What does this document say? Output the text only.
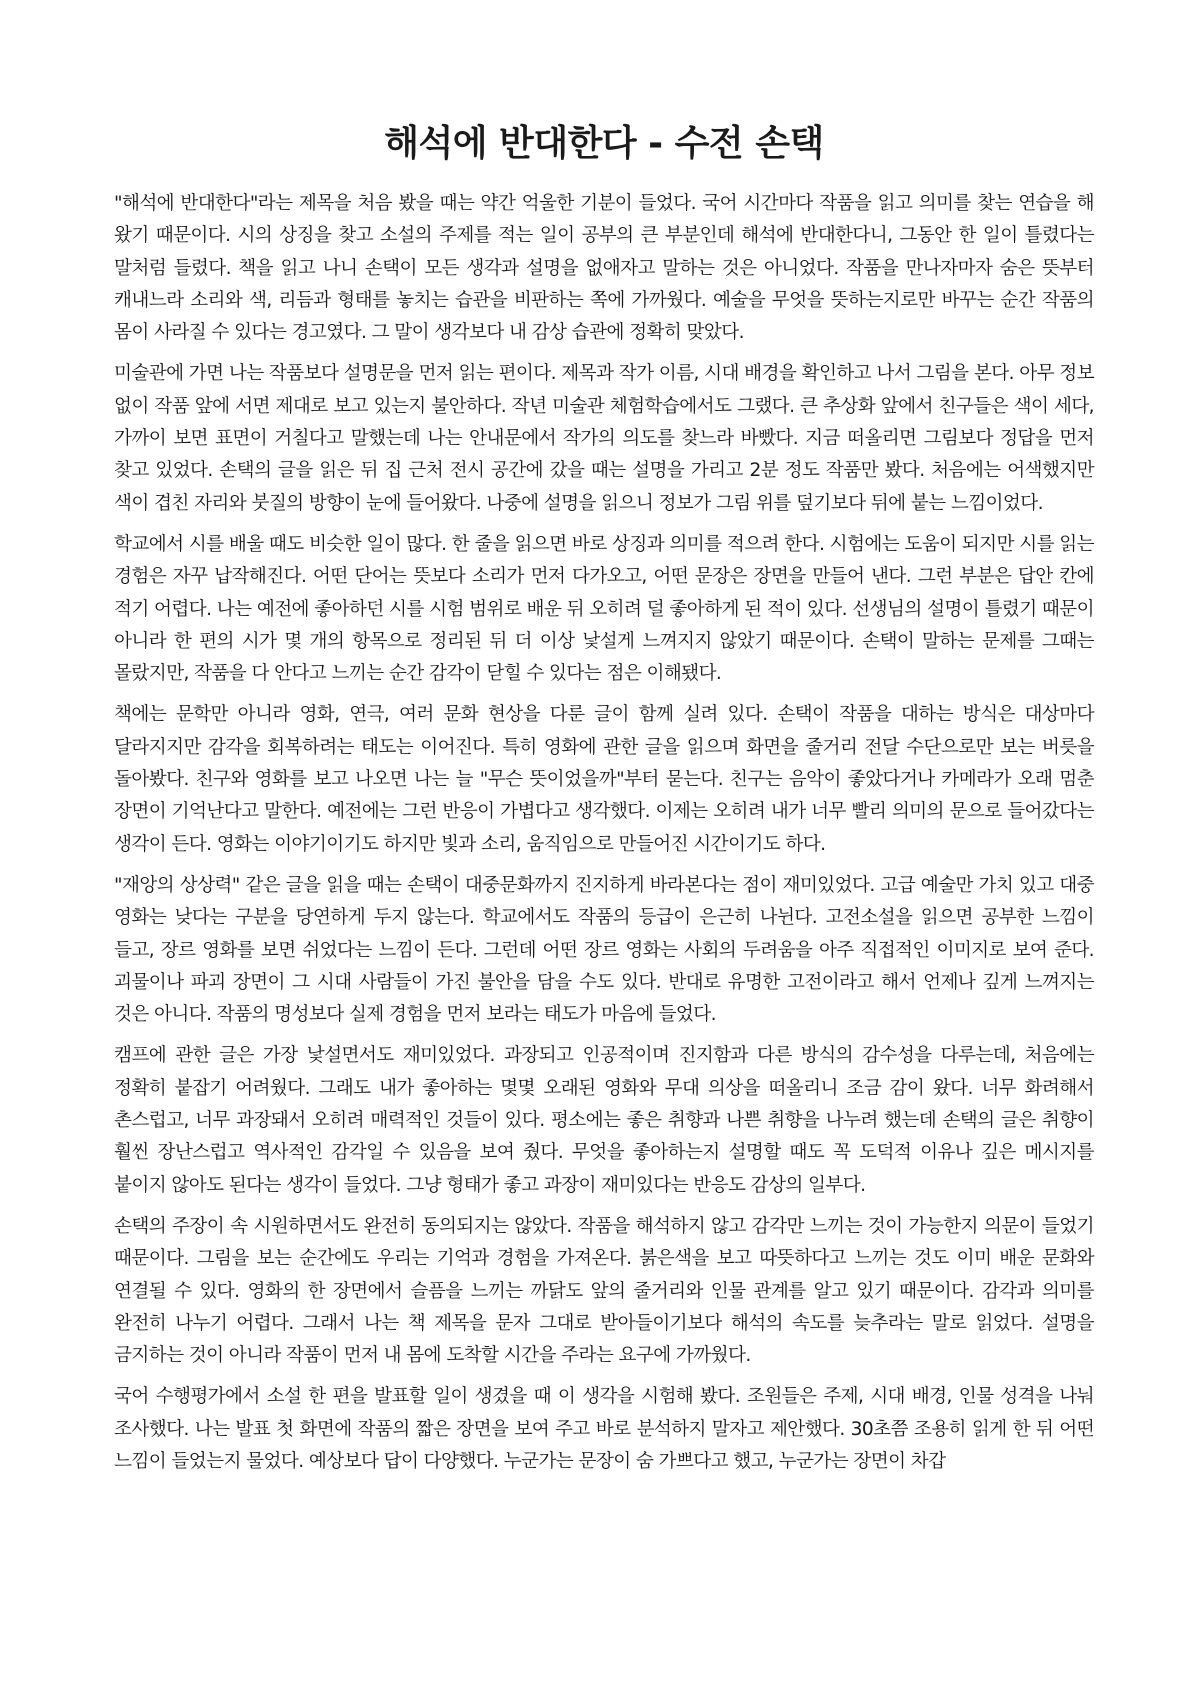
해석에 반대한다 - 수전 손택

"해석에 반대한다"라는 제목을 처음 봤을 때는 약간 억울한 기분이 들었다. 국어 시간마다 작품을 읽고 의미를 찾는 연습을 해 왔기 때문이다. 시의 상징을 찾고 소설의 주제를 적는 일이 공부의 큰 부분인데 해석에 반대한다니, 그동안 한 일이 틀렸다는 말처럼 들렸다. 책을 읽고 나니 손택이 모든 생각과 설명을 없애자고 말하는 것은 아니었다. 작품을 만나자마자 숨은 뜻부터 캐내느라 소리와 색, 리듬과 형태를 놓치는 습관을 비판하는 쪽에 가까웠다. 예술을 무엇을 뜻하는지로만 바꾸는 순간 작품의 몸이 사라질 수 있다는 경고였다. 그 말이 생각보다 내 감상 습관에 정확히 맞았다.

미술관에 가면 나는 작품보다 설명문을 먼저 읽는 편이다. 제목과 작가 이름, 시대 배경을 확인하고 나서 그림을 본다. 아무 정보 없이 작품 앞에 서면 제대로 보고 있는지 불안하다. 작년 미술관 체험학습에서도 그랬다. 큰 추상화 앞에서 친구들은 색이 세다, 가까이 보면 표면이 거칠다고 말했는데 나는 안내문에서 작가의 의도를 찾느라 바빴다. 지금 떠올리면 그림보다 정답을 먼저 찾고 있었다. 손택의 글을 읽은 뒤 집 근처 전시 공간에 갔을 때는 설명을 가리고 2분 정도 작품만 봤다. 처음에는 어색했지만 색이 겹친 자리와 붓질의 방향이 눈에 들어왔다. 나중에 설명을 읽으니 정보가 그림 위를 덮기보다 뒤에 붙는 느낌이었다.

학교에서 시를 배울 때도 비슷한 일이 많다. 한 줄을 읽으면 바로 상징과 의미를 적으려 한다. 시험에는 도움이 되지만 시를 읽는 경험은 자꾸 납작해진다. 어떤 단어는 뜻보다 소리가 먼저 다가오고, 어떤 문장은 장면을 만들어 낸다. 그런 부분은 답안 칸에 적기 어렵다. 나는 예전에 좋아하던 시를 시험 범위로 배운 뒤 오히려 덜 좋아하게 된 적이 있다. 선생님의 설명이 틀렸기 때문이 아니라 한 편의 시가 몇 개의 항목으로 정리된 뒤 더 이상 낯설게 느껴지지 않았기 때문이다. 손택이 말하는 문제를 그때는 몰랐지만, 작품을 다 안다고 느끼는 순간 감각이 닫힐 수 있다는 점은 이해됐다.

책에는 문학만 아니라 영화, 연극, 여러 문화 현상을 다룬 글이 함께 실려 있다. 손택이 작품을 대하는 방식은 대상마다 달라지지만 감각을 회복하려는 태도는 이어진다. 특히 영화에 관한 글을 읽으며 화면을 줄거리 전달 수단으로만 보는 버릇을 돌아봤다. 친구와 영화를 보고 나오면 나는 늘 "무슨 뜻이었을까"부터 묻는다. 친구는 음악이 좋았다거나 카메라가 오래 멈춘 장면이 기억난다고 말한다. 예전에는 그런 반응이 가볍다고 생각했다. 이제는 오히려 내가 너무 빨리 의미의 문으로 들어갔다는 생각이 든다. 영화는 이야기이기도 하지만 빛과 소리, 움직임으로 만들어진 시간이기도 하다.

"재앙의 상상력" 같은 글을 읽을 때는 손택이 대중문화까지 진지하게 바라본다는 점이 재미있었다. 고급 예술만 가치 있고 대중 영화는 낮다는 구분을 당연하게 두지 않는다. 학교에서도 작품의 등급이 은근히 나뉜다. 고전소설을 읽으면 공부한 느낌이 들고, 장르 영화를 보면 쉬었다는 느낌이 든다. 그런데 어떤 장르 영화는 사회의 두려움을 아주 직접적인 이미지로 보여 준다. 괴물이나 파괴 장면이 그 시대 사람들이 가진 불안을 담을 수도 있다. 반대로 유명한 고전이라고 해서 언제나 깊게 느껴지는 것은 아니다. 작품의 명성보다 실제 경험을 먼저 보라는 태도가 마음에 들었다.

캠프에 관한 글은 가장 낯설면서도 재미있었다. 과장되고 인공적이며 진지함과 다른 방식의 감수성을 다루는데, 처음에는 정확히 붙잡기 어려웠다. 그래도 내가 좋아하는 몇몇 오래된 영화와 무대 의상을 떠올리니 조금 감이 왔다. 너무 화려해서 촌스럽고, 너무 과장돼서 오히려 매력적인 것들이 있다. 평소에는 좋은 취향과 나쁜 취향을 나누려 했는데 손택의 글은 취향이 훨씬 장난스럽고 역사적인 감각일 수 있음을 보여 줬다. 무엇을 좋아하는지 설명할 때도 꼭 도덕적 이유나 깊은 메시지를 붙이지 않아도 된다는 생각이 들었다. 그냥 형태가 좋고 과장이 재미있다는 반응도 감상의 일부다.

손택의 주장이 속 시원하면서도 완전히 동의되지는 않았다. 작품을 해석하지 않고 감각만 느끼는 것이 가능한지 의문이 들었기 때문이다. 그림을 보는 순간에도 우리는 기억과 경험을 가져온다. 붉은색을 보고 따뜻하다고 느끼는 것도 이미 배운 문화와 연결될 수 있다. 영화의 한 장면에서 슬픔을 느끼는 까닭도 앞의 줄거리와 인물 관계를 알고 있기 때문이다. 감각과 의미를 완전히 나누기 어렵다. 그래서 나는 책 제목을 문자 그대로 받아들이기보다 해석의 속도를 늦추라는 말로 읽었다. 설명을 금지하는 것이 아니라 작품이 먼저 내 몸에 도착할 시간을 주라는 요구에 가까웠다.

국어 수행평가에서 소설 한 편을 발표할 일이 생겼을 때 이 생각을 시험해 봤다. 조원들은 주제, 시대 배경, 인물 성격을 나눠 조사했다. 나는 발표 첫 화면에 작품의 짧은 장면을 보여 주고 바로 분석하지 말자고 제안했다. 30초쯤 조용히 읽게 한 뒤 어떤 느낌이 들었는지 물었다. 예상보다 답이 다양했다. 누군가는 문장이 숨 가쁘다고 했고, 누군가는 장면이 차갑
